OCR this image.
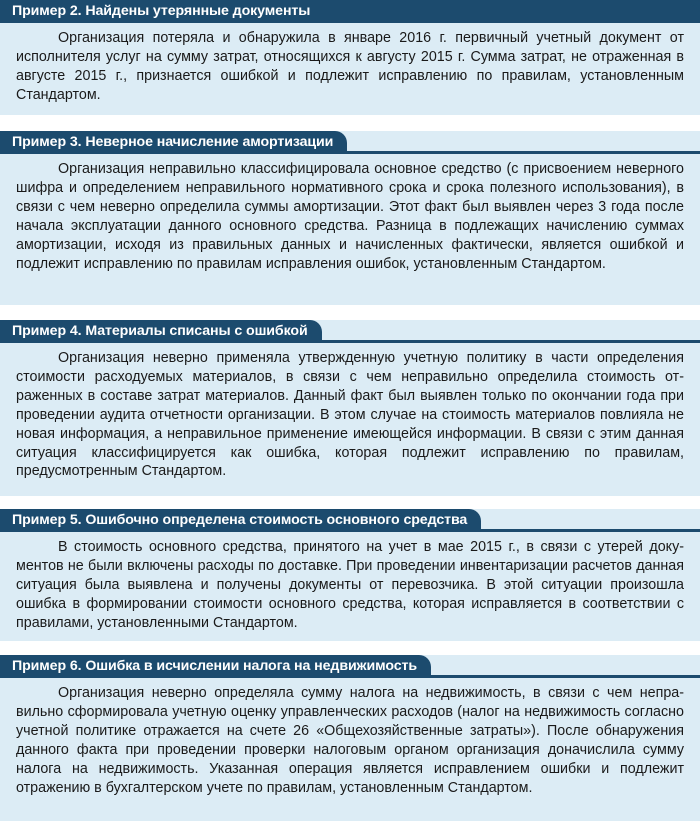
Пример 2. Найдены утерянные документы
Организация потеряла и обнаружила в январе 2016 г. первичный учетный документ от исполнителя услуг на сумму затрат, относящихся к августу 2015 г. Сумма затрат, не отраженная в августе 2015 г., признается ошибкой и подлежит исправлению по правилам, установленным Стандартом.
Пример 3. Неверное начисление амортизации
Организация неправильно классифицировала основное средство (с присвоением неверного шифра и определением неправильного нормативного срока и срока полезного использования), в связи с чем неверно определила суммы амортизации. Этот факт был выявлен через 3 года после начала эксплуатации данного основного средства. Разница в подлежащих начислению суммах амортизации, исходя из правильных данных и начисленных фактически, является ошибкой и подлежит исправлению по правилам исправления ошибок, установленным Стандартом.
Пример 4. Материалы списаны с ошибкой
Организация неверно применяла утвержденную учетную политику в части определения стоимости расходуемых материалов, в связи с чем неправильно определила стоимость отраженных в составе затрат материалов. Данный факт был выявлен только по окончании года при проведении аудита отчетности организации. В этом случае на стоимость материалов повлияла не новая информация, а неправильное применение имеющейся информации. В связи с этим данная ситуация классифицируется как ошибка, которая подлежит исправлению по правилам, предусмотренным Стандартом.
Пример 5. Ошибочно определена стоимость основного средства
В стоимость основного средства, принятого на учет в мае 2015 г., в связи с утерей документов не были включены расходы по доставке. При проведении инвентаризации расчетов данная ситуация была выявлена и получены документы от перевозчика. В этой ситуации произошла ошибка в формировании стоимости основного средства, которая исправляется в соответствии с правилами, установленными Стандартом.
Пример 6. Ошибка в исчислении налога на недвижимость
Организация неверно определяла сумму налога на недвижимость, в связи с чем неправильно сформировала учетную оценку управленческих расходов (налог на недвижимость согласно учетной политике отражается на счете 26 «Общехозяйственные затраты»). После обнаружения данного факта при проведении проверки налоговым органом организация доначислила сумму налога на недвижимость. Указанная операция является исправлением ошибки и подлежит отражению в бухгалтерском учете по правилам, установленным Стандартом.
